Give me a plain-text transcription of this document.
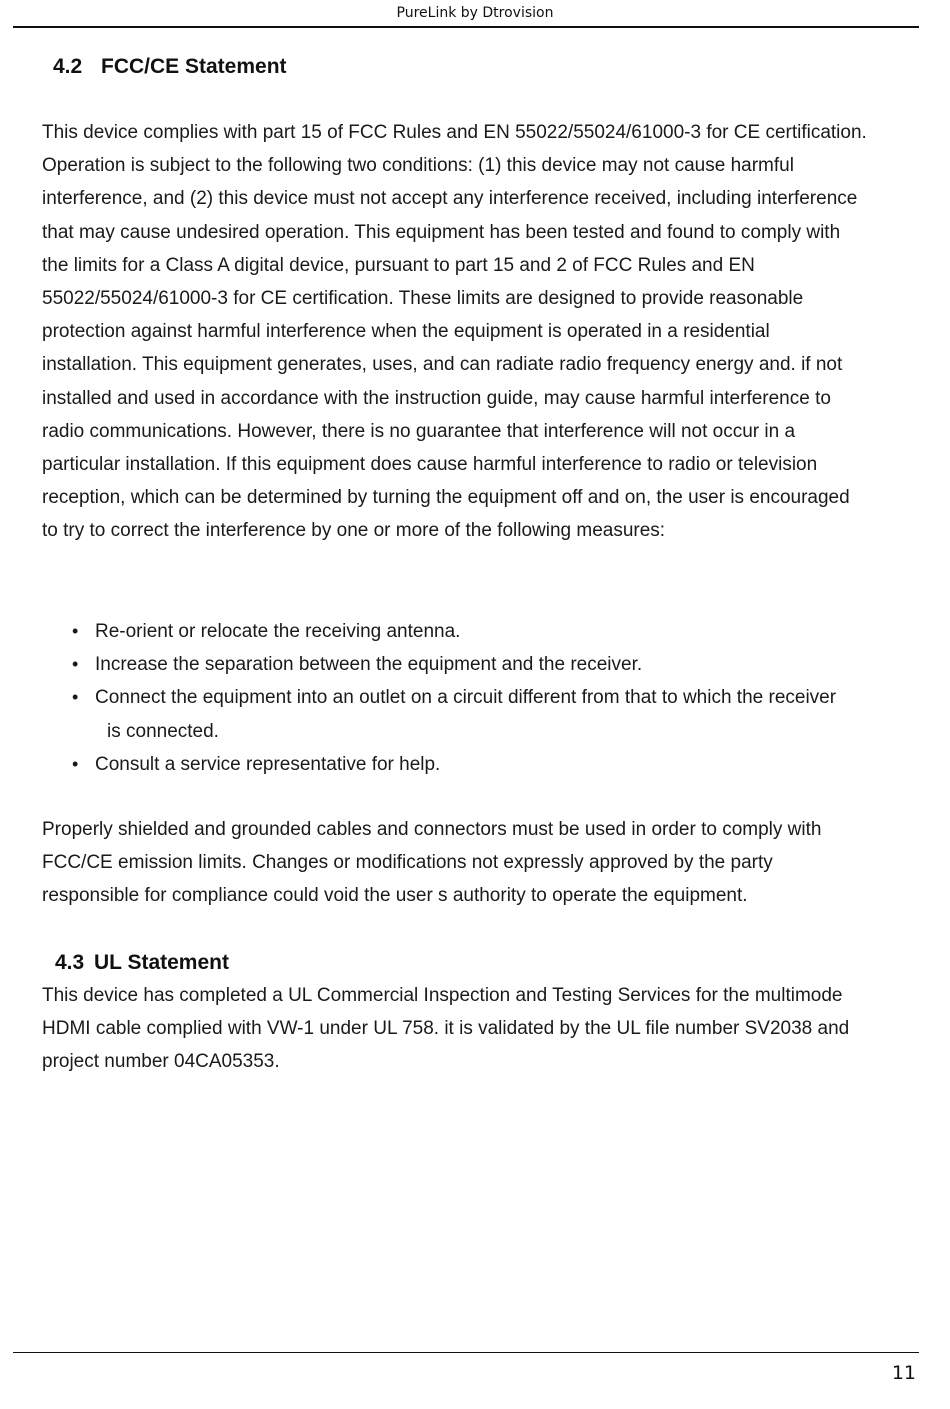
PureLink by Dtrovision
4.2 FCC/CE Statement

This device complies with part 15 of FCC Rules and EN 55022/55024/61000-3 for CE certification.
Operation is subject to the following two conditions: (1) this device may not cause harmful
interference, and (2) this device must not accept any interference received, including interference
that may cause undesired operation. This equipment has been tested and found to comply with
the limits for a Class A digital device, pursuant to part 15 and 2 of FCC Rules and EN
55022/55024/61000-3 for CE certification. These limits are designed to provide reasonable
protection against harmful interference when the equipment is operated in a residential
installation. This equipment generates, uses, and can radiate radio frequency energy and. if not
installed and used in accordance with the instruction guide, may cause harmful interference to
radio communications. However, there is no guarantee that interference will not occur in a
particular installation. If this equipment does cause harmful interference to radio or television
reception, which can be determined by turning the equipment off and on, the user is encouraged
to try to correct the interference by one or more of the following measures:

• Re-orient or relocate the receiving antenna.
• Increase the separation between the equipment and the receiver.
• Connect the equipment into an outlet on a circuit different from that to which the receiver
is connected.
• Consult a service representative for help.

Properly shielded and grounded cables and connectors must be used in order to comply with
FCC/CE emission limits. Changes or modifications not expressly approved by the party
responsible for compliance could void the user s authority to operate the equipment.

4.3 UL Statement

This device has completed a UL Commercial Inspection and Testing Services for the multimode
HDMI cable complied with VW-1 under UL 758. it is validated by the UL file number SV2038 and
project number 04CA05353.

11
